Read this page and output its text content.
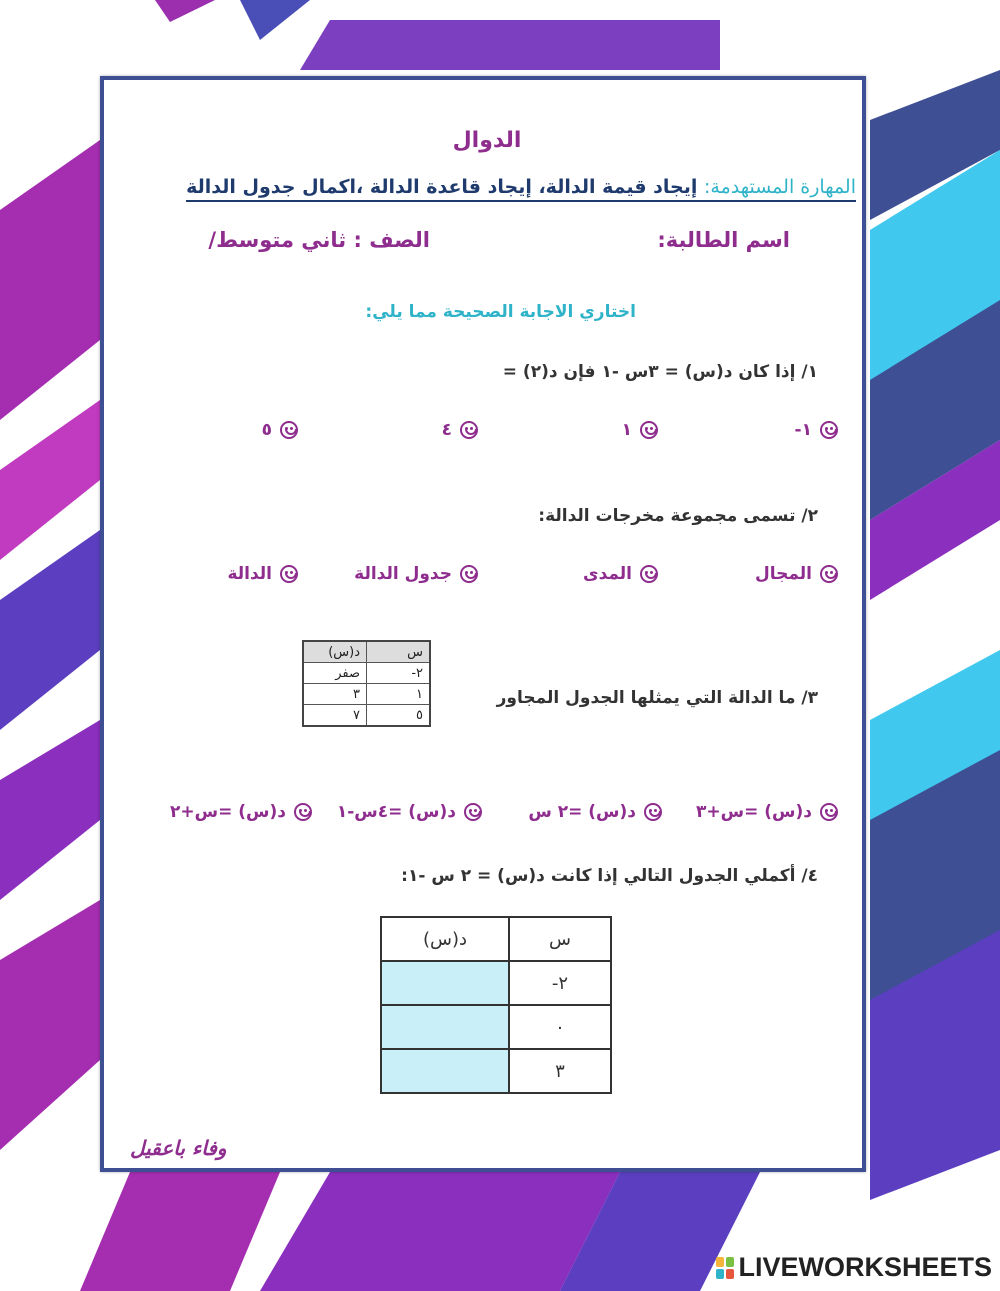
الدوال
المهارة المستهدمة: إيجاد قيمة الدالة، إيجاد قاعدة الدالة ،اكمال جدول الدالة
اسم الطالبة:
الصف : ثاني متوسط/
اختاري الاجابة الصحيحة مما يلي:
١/ إذا كان د(س) = ٣س -١ فإن د(٢) =
١-
١
٤
٥
٢/ تسمى مجموعة مخرجات الدالة:
المجال
المدى
جدول الدالة
الدالة
٣/ ما الدالة التي يمثلها الجدول المجاور
س	د(س)
٢-	صفر
١	٣
٥	٧
د(س) =س+٣
د(س) =٢ س
د(س) =٤س-١
د(س) =س+٢
٤/ أكملي الجدول التالي إذا كانت د(س) = ٢ س -١:
س	د(س)
٢-	
٠	
٣	
وفاء باعقيل
LIVEWORKSHEETS
